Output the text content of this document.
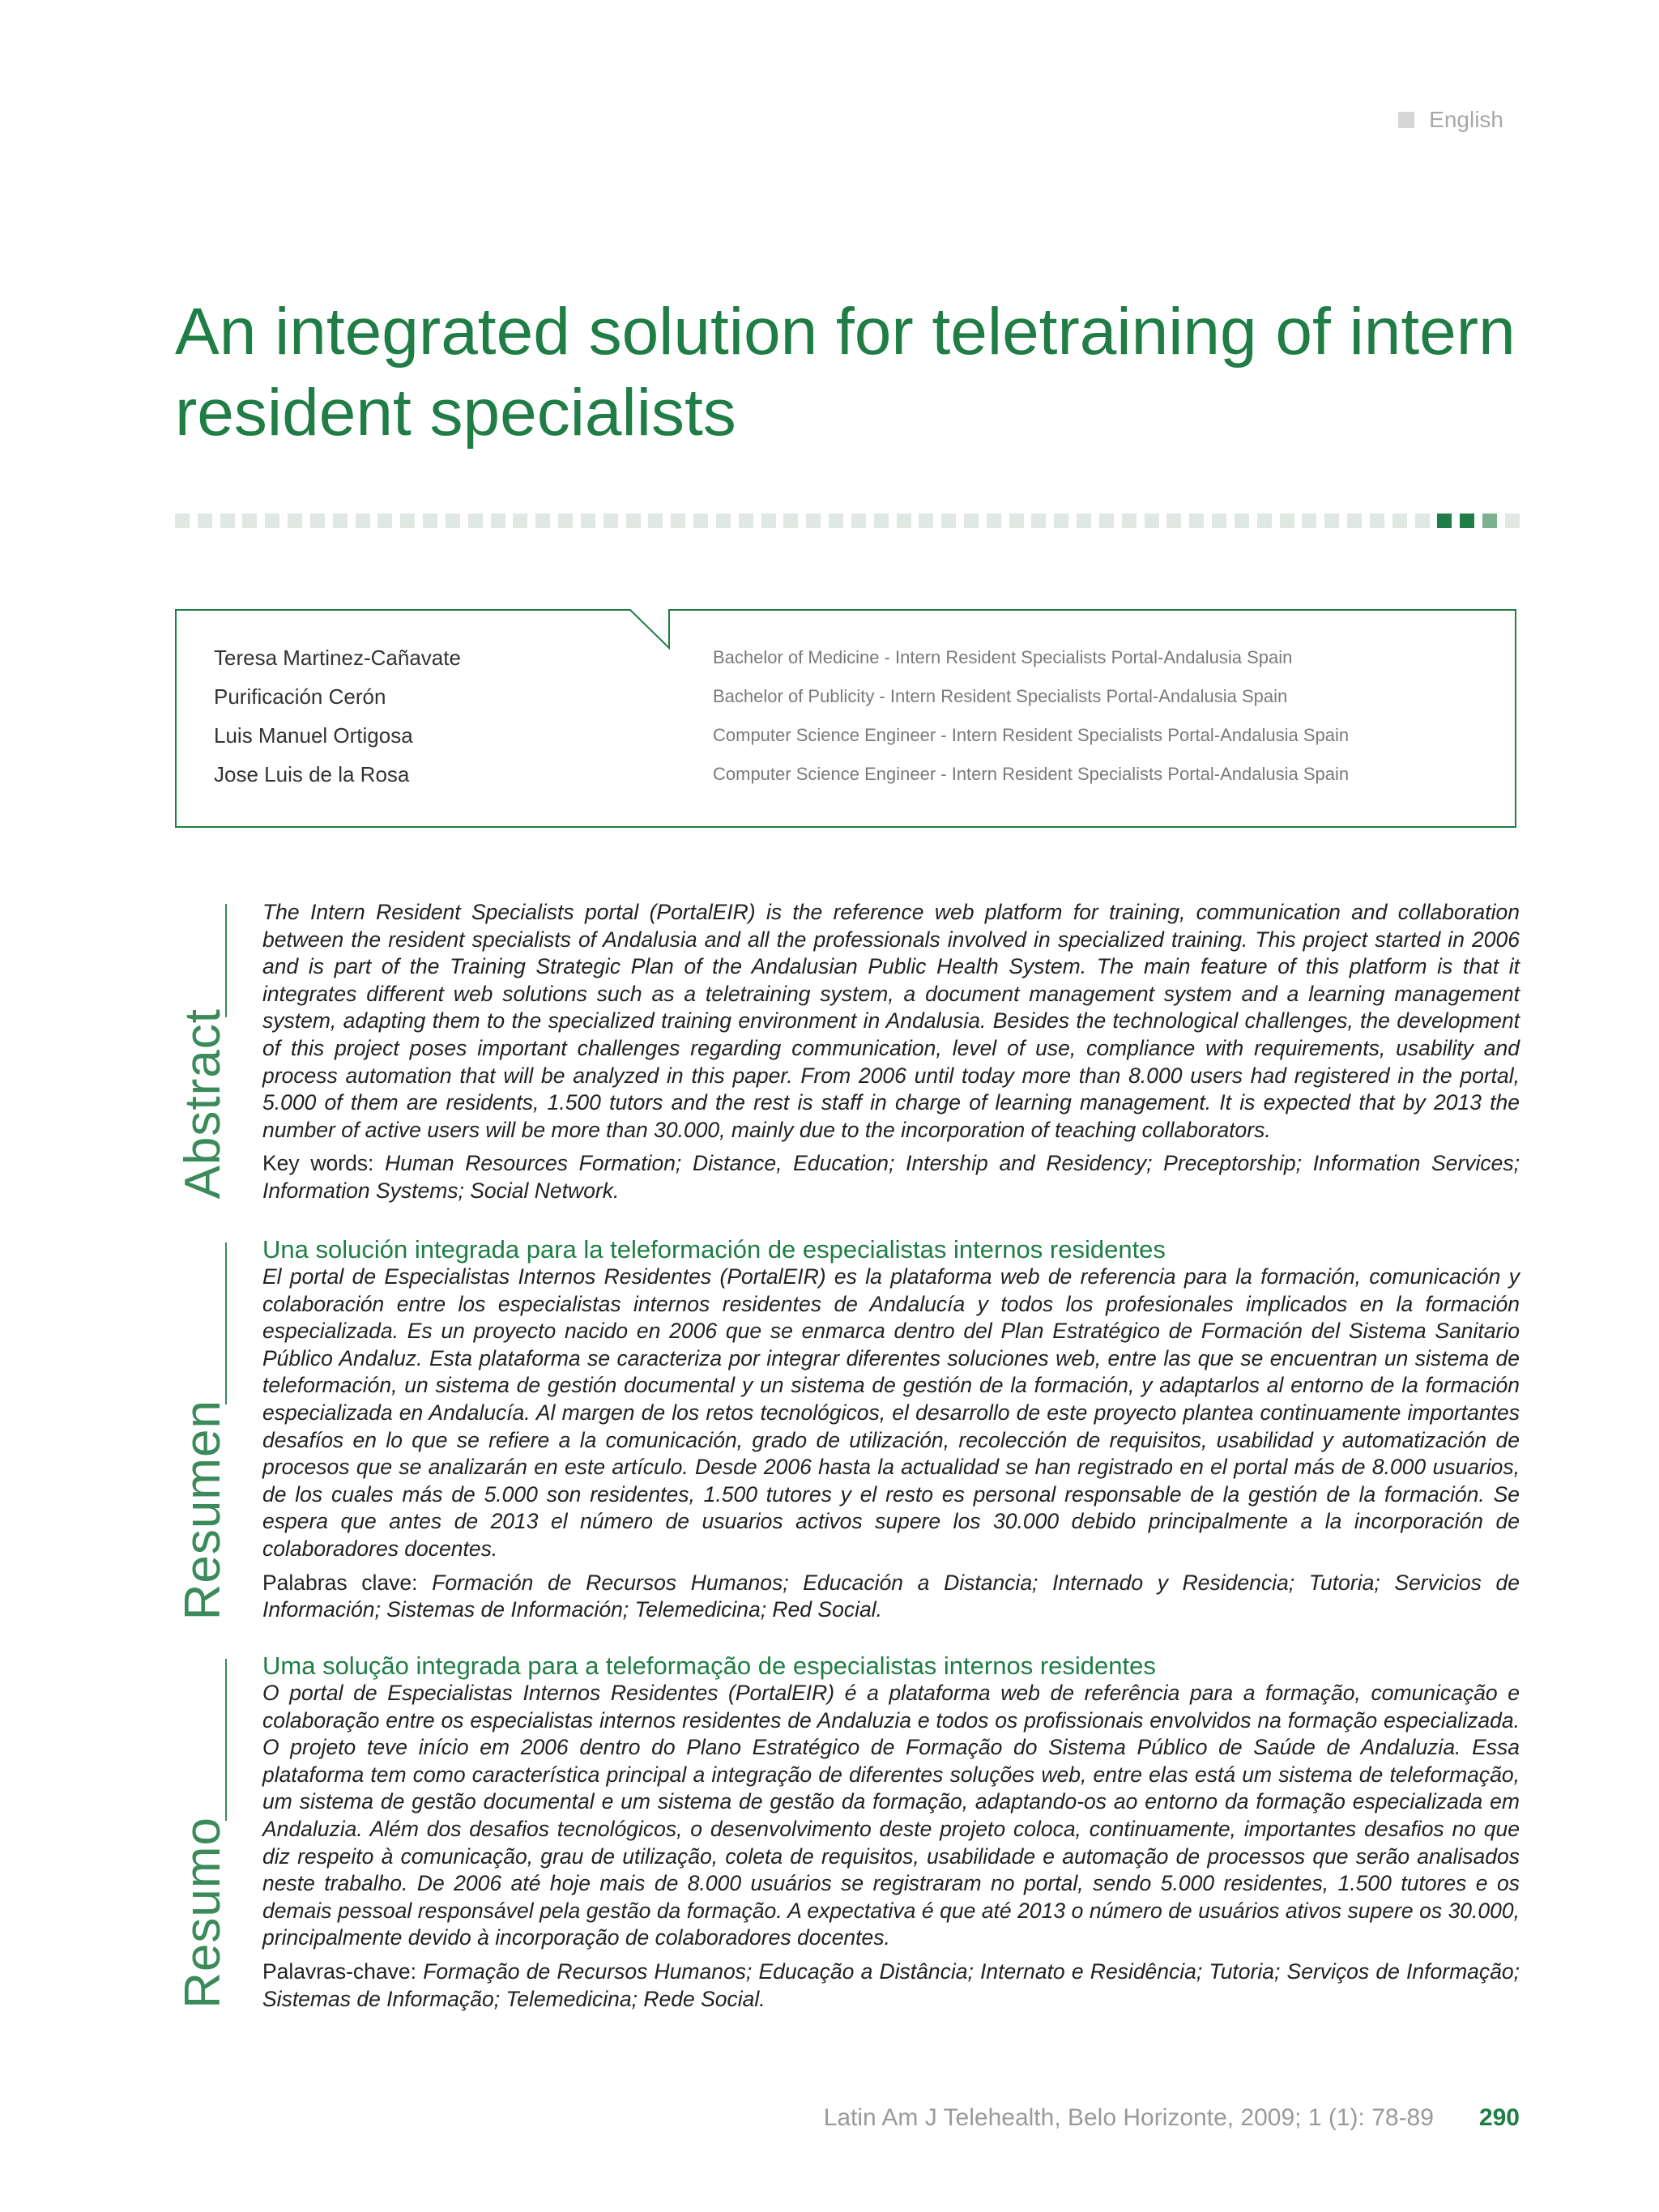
English
An integrated solution for teletraining of intern resident specialists
Teresa Martinez-Cañavate
Purificación Cerón
Luis Manuel Ortigosa
Jose Luis de la Rosa
Bachelor of Medicine - Intern Resident Specialists Portal-Andalusia Spain
Bachelor of Publicity - Intern Resident Specialists Portal-Andalusia Spain
Computer Science Engineer - Intern Resident Specialists Portal-Andalusia Spain
Computer Science Engineer - Intern Resident Specialists Portal-Andalusia Spain
Abstract

The Intern Resident Specialists portal (PortalEIR) is the reference web platform for training, communication and collaboration between the resident specialists of Andalusia and all the professionals involved in specialized training. This project started in 2006 and is part of the Training Strategic Plan of the Andalusian Public Health System. The main feature of this platform is that it integrates different web solutions such as a teletraining system, a document management system and a learning management system, adapting them to the specialized training environment in Andalusia. Besides the technological challenges, the development of this project poses important challenges regarding communication, level of use, compliance with requirements, usability and process automation that will be analyzed in this paper. From 2006 until today more than 8.000 users had registered in the portal, 5.000 of them are residents, 1.500 tutors and the rest is staff in charge of learning management. It is expected that by 2013 the number of active users will be more than 30.000, mainly due to the incorporation of teaching collaborators.

Key words: Human Resources Formation; Distance, Education; Intership and Residency; Preceptorship; Information Services; Information Systems; Social Network.

Resumen
Una solución integrada para la teleformación de especialistas internos residentes

El portal de Especialistas Internos Residentes (PortalEIR) es la plataforma web de referencia para la formación, comunicación y colaboración entre los especialistas internos residentes de Andalucía y todos los profesionales implicados en la formación especializada. Es un proyecto nacido en 2006 que se enmarca dentro del Plan Estratégico de Formación del Sistema Sanitario Público Andaluz. Esta plataforma se caracteriza por integrar diferentes soluciones web, entre las que se encuentran un sistema de teleformación, un sistema de gestión documental y un sistema de gestión de la formación, y adaptarlos al entorno de la formación especializada en Andalucía. Al margen de los retos tecnológicos, el desarrollo de este proyecto plantea continuamente importantes desafíos en lo que se refiere a la comunicación, grado de utilización, recolección de requisitos, usabilidad y automatización de procesos que se analizarán en este artículo. Desde 2006 hasta la actualidad se han registrado en el portal más de 8.000 usuarios, de los cuales más de 5.000 son residentes, 1.500 tutores y el resto es personal responsable de la gestión de la formación. Se espera que antes de 2013 el número de usuarios activos supere los 30.000 debido principalmente a la incorporación de colaboradores docentes.

Palabras clave: Formación de Recursos Humanos; Educación a Distancia; Internado y Residencia; Tutoria; Servicios de Información; Sistemas de Información; Telemedicina; Red Social.

Resumo
Uma solução integrada para a teleformação de especialistas internos residentes

O portal de Especialistas Internos Residentes (PortalEIR) é a plataforma web de referência para a formação, comunicação e colaboração entre os especialistas internos residentes de Andaluzia e todos os profissionais envolvidos na formação especializada. O projeto teve início em 2006 dentro do Plano Estratégico de Formação do Sistema Público de Saúde de Andaluzia. Essa plataforma tem como característica principal a integração de diferentes soluções web, entre elas está um sistema de teleformação, um sistema de gestão documental e um sistema de gestão da formação, adaptando-os ao entorno da formação especializada em Andaluzia. Além dos desafios tecnológicos, o desenvolvimento deste projeto coloca, continuamente, importantes desafios no que diz respeito à comunicação, grau de utilização, coleta de requisitos, usabilidade e automação de processos que serão analisados neste trabalho. De 2006 até hoje mais de 8.000 usuários se registraram no portal, sendo 5.000 residentes, 1.500 tutores e os demais pessoal responsável pela gestão da formação. A expectativa é que até 2013 o número de usuários ativos supere os 30.000, principalmente devido à incorporação de colaboradores docentes.

Palavras-chave: Formação de Recursos Humanos; Educação a Distância; Internato e Residência; Tutoria; Serviços de Informação; Sistemas de Informação; Telemedicina; Rede Social.

Latin Am J Telehealth, Belo Horizonte, 2009; 1 (1): 78-89 290
